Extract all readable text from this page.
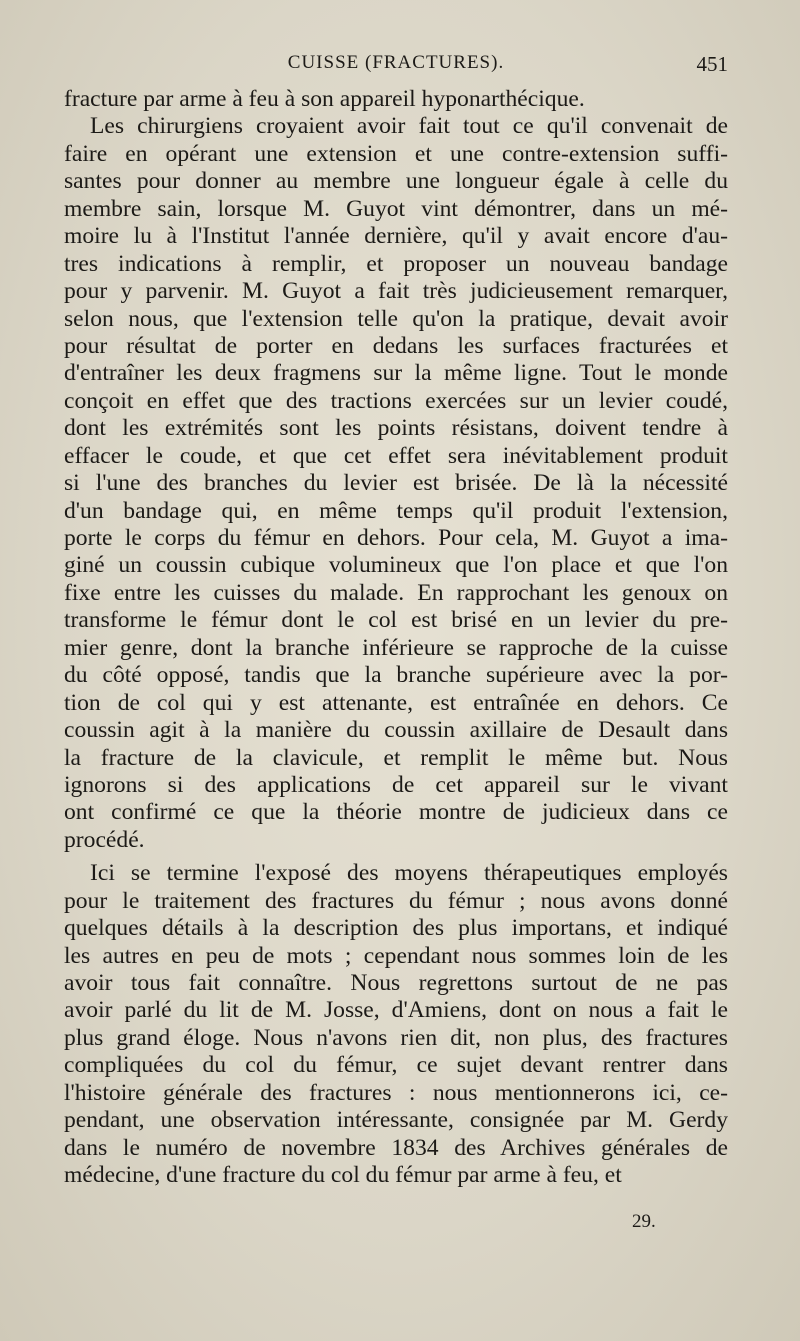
CUISSE (FRACTURES).	451
fracture par arme à feu à son appareil hyponarthécique.
Les chirurgiens croyaient avoir fait tout ce qu'il convenait de
faire en opérant une extension et une contre-extension suffi-
santes pour donner au membre une longueur égale à celle du
membre sain, lorsque M. Guyot vint démontrer, dans un mé-
moire lu à l'Institut l'année dernière, qu'il y avait encore d'au-
tres indications à remplir, et proposer un nouveau bandage
pour y parvenir. M. Guyot a fait très judicieusement remarquer,
selon nous, que l'extension telle qu'on la pratique, devait avoir
pour résultat de porter en dedans les surfaces fracturées et
d'entraîner les deux fragmens sur la même ligne. Tout le monde
conçoit en effet que des tractions exercées sur un levier coudé,
dont les extrémités sont les points résistans, doivent tendre à
effacer le coude, et que cet effet sera inévitablement produit
si l'une des branches du levier est brisée. De là la nécessité
d'un bandage qui, en même temps qu'il produit l'extension,
porte le corps du fémur en dehors. Pour cela, M. Guyot a ima-
giné un coussin cubique volumineux que l'on place et que l'on
fixe entre les cuisses du malade. En rapprochant les genoux on
transforme le fémur dont le col est brisé en un levier du pre-
mier genre, dont la branche inférieure se rapproche de la cuisse
du côté opposé, tandis que la branche supérieure avec la por-
tion de col qui y est attenante, est entraînée en dehors. Ce
coussin agit à la manière du coussin axillaire de Desault dans
la fracture de la clavicule, et remplit le même but. Nous
ignorons si des applications de cet appareil sur le vivant
ont confirmé ce que la théorie montre de judicieux dans ce
procédé.
Ici se termine l'exposé des moyens thérapeutiques employés
pour le traitement des fractures du fémur ; nous avons donné
quelques détails à la description des plus importans, et indiqué
les autres en peu de mots ; cependant nous sommes loin de les
avoir tous fait connaître. Nous regrettons surtout de ne pas
avoir parlé du lit de M. Josse, d'Amiens, dont on nous a fait le
plus grand éloge. Nous n'avons rien dit, non plus, des fractures
compliquées du col du fémur, ce sujet devant rentrer dans
l'histoire générale des fractures : nous mentionnerons ici, ce-
pendant, une observation intéressante, consignée par M. Gerdy
dans le numéro de novembre 1834 des Archives générales de
médecine, d'une fracture du col du fémur par arme à feu, et
29.
